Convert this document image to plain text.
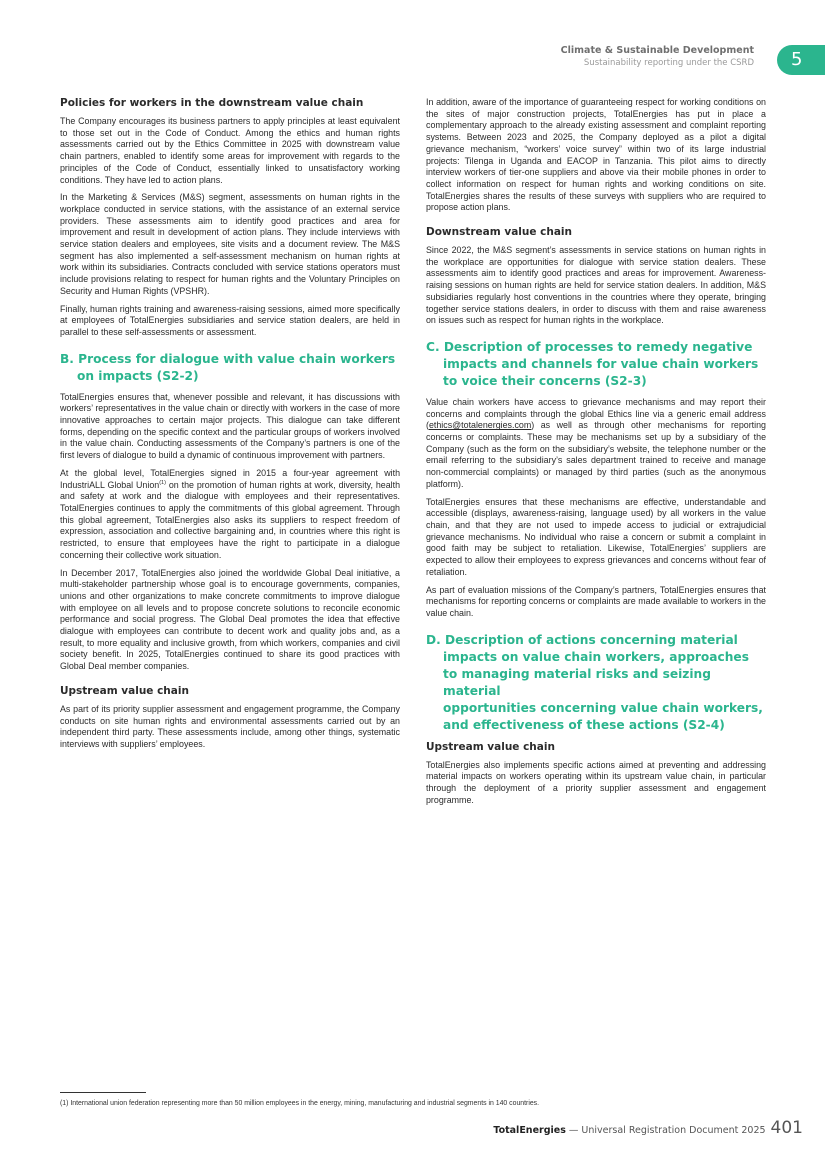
Climate & Sustainable Development
Sustainability reporting under the CSRD	5
Policies for workers in the downstream value chain

The Company encourages its business partners to apply principles at least equivalent to those set out in the Code of Conduct. Among the ethics and human rights assessments carried out by the Ethics Committee in 2025 with downstream value chain partners, enabled to identify some areas for improvement with regards to the principles of the Code of Conduct, essentially linked to unsatisfactory working conditions. They have led to action plans.

In the Marketing & Services (M&S) segment, assessments on human rights in the workplace conducted in service stations, with the assistance of an external service providers. These assessments aim to identify good practices and area for improvement and result in development of action plans. They include interviews with service station dealers and employees, site visits and a document review. The M&S segment has also implemented a self-assessment mechanism on human rights at work within its subsidiaries. Contracts concluded with service stations operators must include provisions relating to respect for human rights and the Voluntary Principles on Security and Human Rights (VPSHR).

Finally, human rights training and awareness-raising sessions, aimed more specifically at employees of TotalEnergies subsidiaries and service station dealers, are held in parallel to these self-assessments or assessment.

B. Process for dialogue with value chain workers
on impacts (S2-2)

TotalEnergies ensures that, whenever possible and relevant, it has discussions with workers’ representatives in the value chain or directly with workers in the case of more innovative approaches to certain major projects. This dialogue can take different forms, depending on the specific context and the particular groups of workers involved in the value chain. Conducting assessments of the Company’s partners is one of the first levers of dialogue to build a dynamic of continuous improvement with partners.

At the global level, TotalEnergies signed in 2015 a four-year agreement with IndustriALL Global Union$^{(1)}$ on the promotion of human rights at work, diversity, health and safety at work and the dialogue with employees and their representatives. TotalEnergies continues to apply the commitments of this global agreement. Through this global agreement, TotalEnergies also asks its suppliers to respect freedom of expression, association and collective bargaining and, in countries where this right is restricted, to ensure that employees have the right to participate in a dialogue concerning their collective work situation.

In December 2017, TotalEnergies also joined the worldwide Global Deal initiative, a multi-stakeholder partnership whose goal is to encourage governments, companies, unions and other organizations to make concrete commitments to improve dialogue with employee on all levels and to propose concrete solutions to reconcile economic performance and social progress. The Global Deal promotes the idea that effective dialogue with employees can contribute to decent work and quality jobs and, as a result, to more equality and inclusive growth, from which workers, companies and civil society benefit. In 2025, TotalEnergies continued to share its good practices with Global Deal member companies.

Upstream value chain

As part of its priority supplier assessment and engagement programme, the Company conducts on site human rights and environmental assessments carried out by an independent third party. These assessments include, among other things, systematic interviews with suppliers’ employees.

In addition, aware of the importance of guaranteeing respect for working conditions on the sites of major construction projects, TotalEnergies has put in place a complementary approach to the already existing assessment and complaint reporting systems. Between 2023 and 2025, the Company deployed as a pilot a digital grievance mechanism, “workers’ voice survey” within two of its large industrial projects: Tilenga in Uganda and EACOP in Tanzania. This pilot aims to directly interview workers of tier-one suppliers and above via their mobile phones in order to collect information on respect for human rights and working conditions on site. TotalEnergies shares the results of these surveys with suppliers who are required to propose action plans.

Downstream value chain

Since 2022, the M&S segment’s assessments in service stations on human rights in the workplace are opportunities for dialogue with service station dealers. These assessments aim to identify good practices and areas for improvement. Awareness-raising sessions on human rights are held for service station dealers. In addition, M&S subsidiaries regularly host conventions in the countries where they operate, bringing together service stations dealers, in order to discuss with them and raise awareness on issues such as respect for human rights in the workplace.

C. Description of processes to remedy negative
impacts and channels for value chain workers
to voice their concerns (S2-3)

Value chain workers have access to grievance mechanisms and may report their concerns and complaints through the global Ethics line via a generic email address (ethics@totalenergies.com) as well as through other mechanisms for reporting concerns or complaints. These may be mechanisms set up by a subsidiary of the Company (such as the form on the subsidiary’s website, the telephone number or the email referring to the subsidiary’s sales department trained to receive and manage non-commercial complaints) or managed by third parties (such as the anonymous platform).

TotalEnergies ensures that these mechanisms are effective, understandable and accessible (displays, awareness-raising, language used) by all workers in the value chain, and that they are not used to impede access to judicial or extrajudicial grievance mechanisms. No individual who raise a concern or submit a complaint in good faith may be subject to retaliation. Likewise, TotalEnergies’ suppliers are expected to allow their employees to express grievances and concerns without fear of retaliation.

As part of evaluation missions of the Company’s partners, TotalEnergies ensures that mechanisms for reporting concerns or complaints are made available to workers in the value chain.

D. Description of actions concerning material
impacts on value chain workers, approaches
to managing material risks and seizing material
opportunities concerning value chain workers,
and effectiveness of these actions (S2-4)
Upstream value chain

TotalEnergies also implements specific actions aimed at preventing and addressing material impacts on workers operating within its upstream value chain, in particular through the deployment of a priority supplier assessment and engagement programme.

(1) International union federation representing more than 50 million employees in the energy, mining, manufacturing and industrial segments in 140 countries.
TotalEnergies — Universal Registration Document 2025 401
